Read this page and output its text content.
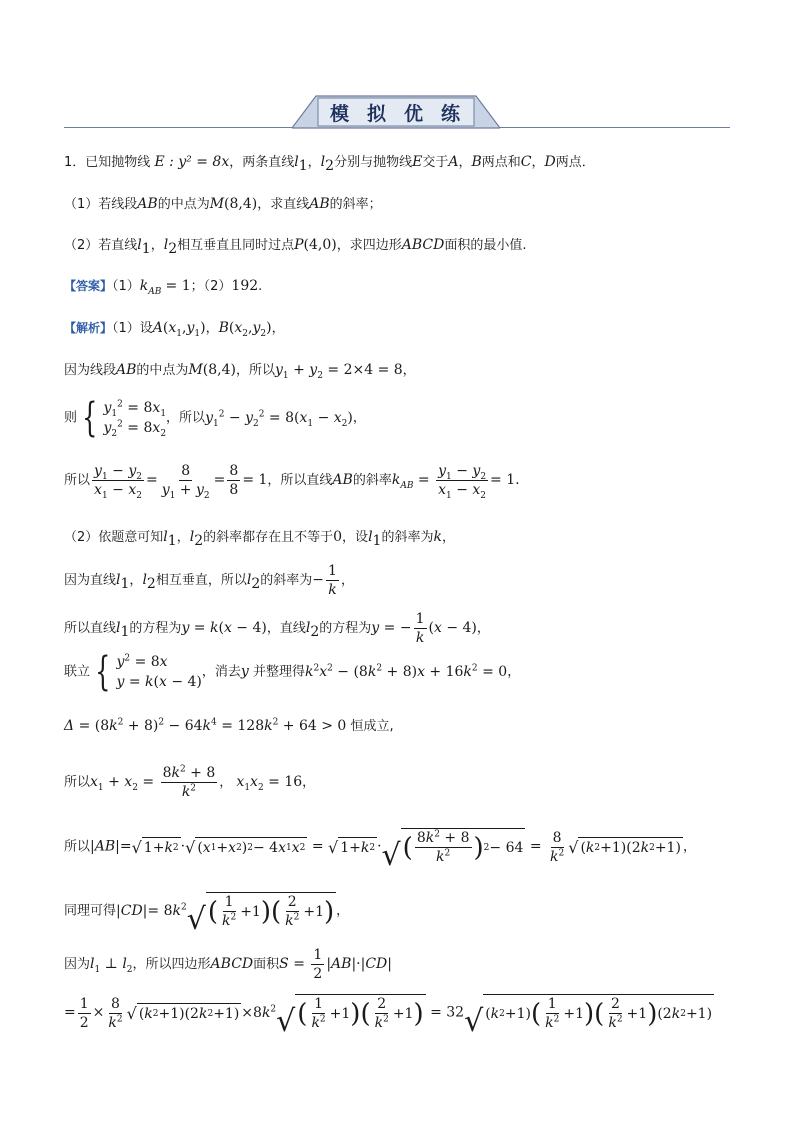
模 拟 优 练
1．已知抛物线 E : y² = 8x，两条直线$l_1$，$l_2$分别与抛物线E交于A，B两点和C，D两点．
（1）若线段AB的中点为M(8,4)，求直线AB的斜率；
（2）若直线$l_1$，$l_2$相互垂直且同时过点P(4,0)，求四边形ABCD面积的最小值.
【答案】$(1)k_{AB} = 1$；（2）192.
【解析】（1）设$A(x_1,y_1)$，$B(x_2,y_2)$，
因为线段AB的中点为M(8,4)，所以$y_1 + y_2 = 2\times 4 = 8$，
则 { $y_1^2 = 8x_1$
$y_2^2 = 8x_2$
，所以$y_1^2 - y_2^2 = 8(x_1 - x_2)$，
所以 $\frac{y_1 - y_2}{x_1 - x_2} = \frac{8}{y_1 + y_2} = \frac{8}{8} = 1$，所以直线AB的斜率$k_{AB} = \frac{y_1 - y_2}{x_1 - x_2} = 1$.
（2）依题意可知$l_1$，$l_2$的斜率都存在且不等于0，设$l_1$的斜率为k，
因为直线$l_1$，$l_2$相互垂直，所以$l_2$的斜率为− $\frac{1}{k}$ ，
所以直线$l_1$的方程为y = k(x − 4)，直线$l_2$的方程为y = − $\frac{1}{k} (x - 4)$，
联立 { $y^2 = 8x$
y = k(x − 4)
，消去y 并整理得$k^2x^2 - (8k^2 + 8)x + 16k^2 = 0$，
$\Delta = (8k^2 + 8)^2 - 64k^4 = 128k^2 + 64 > 0$ 恒成立,
所以$x_1 + x_2 = \frac{8k^2 + 8}{k^2}$ ， $x_1x_2 = 16$，
所以|AB|= √ 1+ k 2 · √ ( x 1 + x 2 ) 2 − 4 x 1 x 2 = √ 1+ k 2 · √ ( $\frac{8k^2 + 8}{k^2}$ ) $2 - 64 = \frac{8}{k^2}$ √ ( k 2 +1)(2 k 2 +1) ，
同理可得$|CD|= 8k^2$ √ ( $\frac{1}{k^2} +1$ ) ( $\frac{2}{k^2} +1$ ) ，
因为$l_1$ ⊥ $l_2$，所以四边形ABCD面积$S = \frac{1}{2} |AB|\cdot|CD|$
= $\frac{1}{2} \times \frac{8}{k^2}$ √ ( k 2 +1)(2 k $2 +1) \times 8k^2$ √ ( $\frac{1}{k^2} +1$ ) ( $\frac{2}{k^2} +1$ ) = 32 √ ( k 2 +1) ( $\frac{1}{k^2} +1$ ) ( $\frac{2}{k^2} +1$ ) (2 k 2 +1)
